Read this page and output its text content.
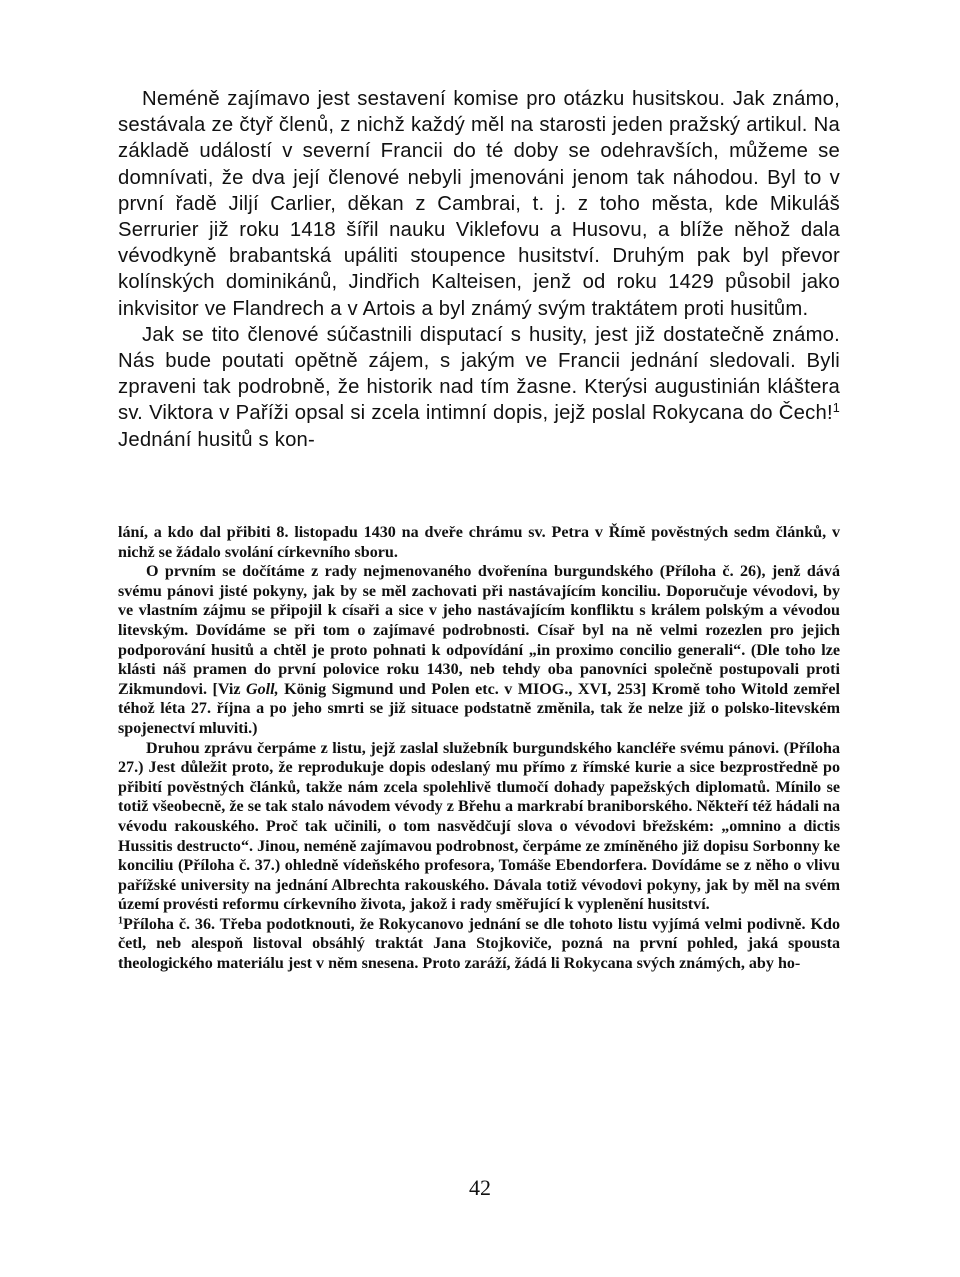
Neméně zajímavo jest sestavení komise pro otázku husitskou. Jak známo, sestávala ze čtyř členů, z nichž každý měl na starosti jeden pražský artikul. Na základě událostí v severní Francii do té doby se odehravších, můžeme se domnívati, že dva její členové nebyli jmenováni jenom tak náhodou. Byl to v první řadě Jiljí Carlier, děkan z Cambrai, t. j. z toho města, kde Mikuláš Serrurier již roku 1418 šířil nauku Viklefovu a Husovu, a blíže něhož dala vévodkyně brabantská upáliti stoupence husitství. Druhým pak byl převor kolínských dominikánů, Jindřich Kalteisen, jenž od roku 1429 působil jako inkvisitor ve Flandrech a v Artois a byl známý svým traktátem proti husitům.

Jak se tito členové súčastnili disputací s husity, jest již dostatečně známo. Nás bude poutati opětně zájem, s jakým ve Francii jednání sledovali. Byli zpraveni tak podrobně, že historik nad tím žasne. Kterýsi augustinián kláštera sv. Viktora v Paříži opsal si zcela intimní dopis, jejž poslal Rokycana do Čech!$^1$ Jednání husitů s kon-

lání, a kdo dal přibiti 8. listopadu 1430 na dveře chrámu sv. Petra v Římě pověstných sedm článků, v nichž se žádalo svolání církevního sboru.

O prvním se dočítáme z rady nejmenovaného dvořenína burgundského (Příloha č. 26), jenž dává svému pánovi jisté pokyny, jak by se měl zachovati při nastávajícím konciliu. Doporučuje vévodovi, by ve vlastním zájmu se připojil k císaři a sice v jeho nastávajícím konfliktu s králem polským a vévodou litevským. Dovídáme se při tom o zajímavé podrobnosti. Císař byl na ně velmi rozezlen pro jejich podporování husitů a chtěl je proto pohnati k odpovídání „in proximo concilio generali“. (Dle toho lze klásti náš pramen do první polovice roku 1430, neb tehdy oba panovníci společně postupovali proti Zikmundovi. [Viz Goll, König Sigmund und Polen etc. v MIOG., XVI, 253] Kromě toho Witold zemřel téhož léta 27. října a po jeho smrti se již situace podstatně změnila, tak že nelze již o polsko-litevském spojenectví mluviti.)

Druhou zprávu čerpáme z listu, jejž zaslal služebník burgundského kancléře svému pánovi. (Příloha 27.) Jest důležit proto, že reprodukuje dopis odeslaný mu přímo z římské kurie a sice bezprostředně po přibití pověstných článků, takže nám zcela spolehlivě tlumočí dohady papežských diplomatů. Mínilo se totiž všeobecně, že se tak stalo návodem vévody z Břehu a markrabí braniborského. Někteří též hádali na vévodu rakouského. Proč tak učinili, o tom nasvědčují slova o vévodovi břežském: „omnino a dictis Hussitis destructo“. Jinou, neméně zajímavou podrobnost, čerpáme ze zmíněného již dopisu Sorbonny ke konciliu (Příloha č. 37.) ohledně vídeňského profesora, Tomáše Ebendorfera. Dovídáme se z něho o vlivu pařížské university na jednání Albrechta rakouského. Dávala totiž vévodovi pokyny, jak by měl na svém území provésti reformu církevního života, jakož i rady směřující k vyplenění husitství.

$^1$Příloha č. 36. Třeba podotknouti, že Rokycanovo jednání se dle tohoto listu vyjímá velmi podivně. Kdo četl, neb alespoň listoval obsáhlý traktát Jana Stojkoviče, pozná na první pohled, jaká spousta theologického materiálu jest v něm snesena. Proto zaráží, žádá li Rokycana svých známých, aby ho-

42
